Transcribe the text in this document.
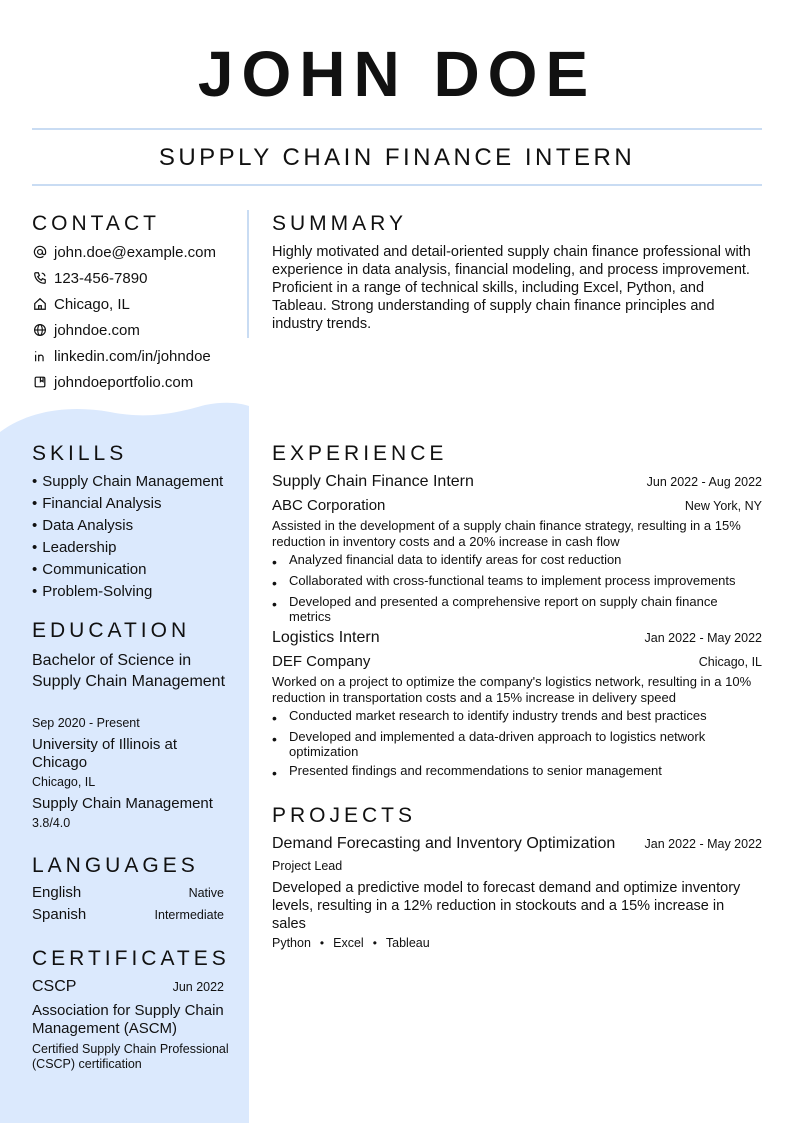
JOHN DOE
SUPPLY CHAIN FINANCE INTERN
CONTACT
john.doe@example.com
123-456-7890
Chicago, IL
johndoe.com
linkedin.com/in/johndoe
johndoeportfolio.com
SKILLS
• Supply Chain Management
• Financial Analysis
• Data Analysis
• Leadership
• Communication
• Problem-Solving
EDUCATION
Bachelor of Science in Supply Chain Management
Sep 2020 - Present
University of Illinois at Chicago
Chicago, IL
Supply Chain Management
3.8/4.0
LANGUAGES
English	Native
Spanish	Intermediate
CERTIFICATES
CSCP	Jun 2022
Association for Supply Chain Management (ASCM)
Certified Supply Chain Professional (CSCP) certification
SUMMARY
Highly motivated and detail-oriented supply chain finance professional with experience in data analysis, financial modeling, and process improvement. Proficient in a range of technical skills, including Excel, Python, and Tableau. Strong understanding of supply chain finance principles and industry trends.
EXPERIENCE
Supply Chain Finance Intern	Jun 2022 - Aug 2022
ABC Corporation	New York, NY
Assisted in the development of a supply chain finance strategy, resulting in a 15% reduction in inventory costs and a 20% increase in cash flow
• Analyzed financial data to identify areas for cost reduction
• Collaborated with cross-functional teams to implement process improvements
• Developed and presented a comprehensive report on supply chain finance metrics
Logistics Intern	Jan 2022 - May 2022
DEF Company	Chicago, IL
Worked on a project to optimize the company's logistics network, resulting in a 10% reduction in transportation costs and a 15% increase in delivery speed
• Conducted market research to identify industry trends and best practices
• Developed and implemented a data-driven approach to logistics network optimization
• Presented findings and recommendations to senior management
PROJECTS
Demand Forecasting and Inventory Optimization Jan 2022 - May 2022
Project Lead
Developed a predictive model to forecast demand and optimize inventory levels, resulting in a 12% reduction in stockouts and a 15% increase in sales
Python • Excel • Tableau
